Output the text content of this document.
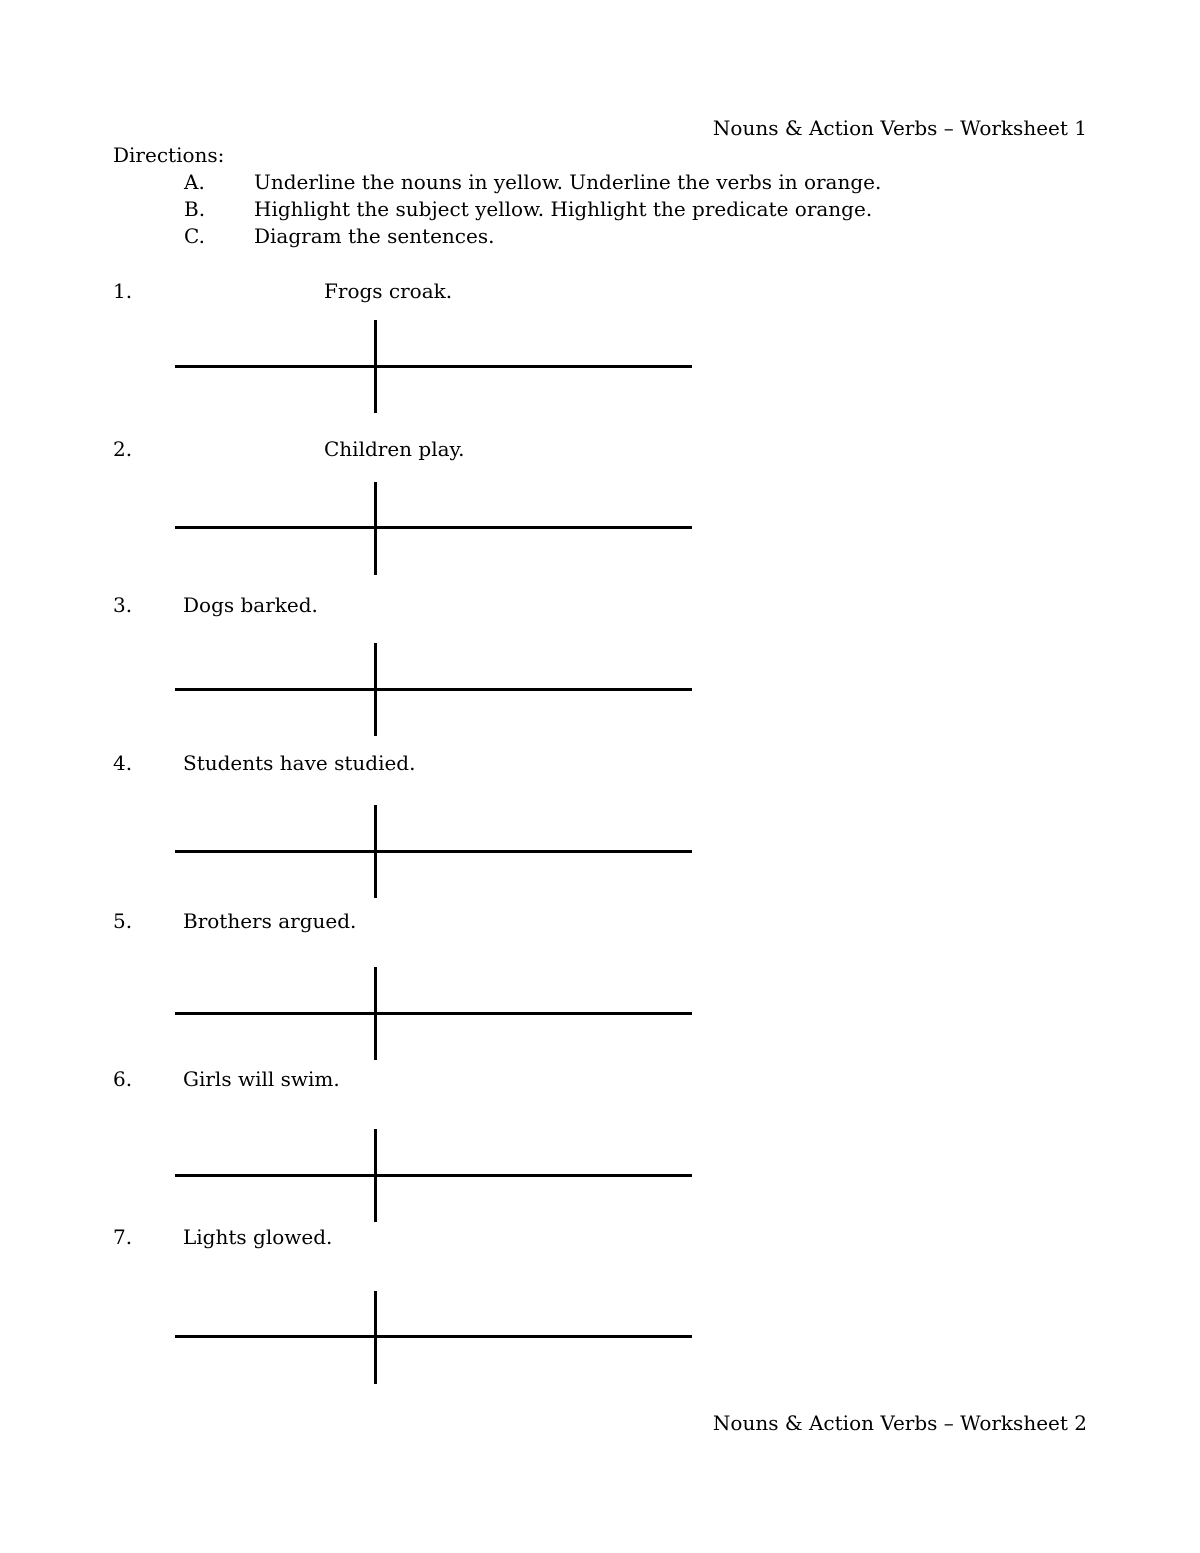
Nouns & Action Verbs – Worksheet 1
Directions:
A. Underline the nouns in yellow. Underline the verbs in orange.
B. Highlight the subject yellow. Highlight the predicate orange.
C. Diagram the sentences.
1.	Frogs croak.
2.	Children play.
3.	Dogs barked.
4.	Students have studied.
5.	Brothers argued.
6.	Girls will swim.
7.	Lights glowed.
Nouns & Action Verbs – Worksheet 2
